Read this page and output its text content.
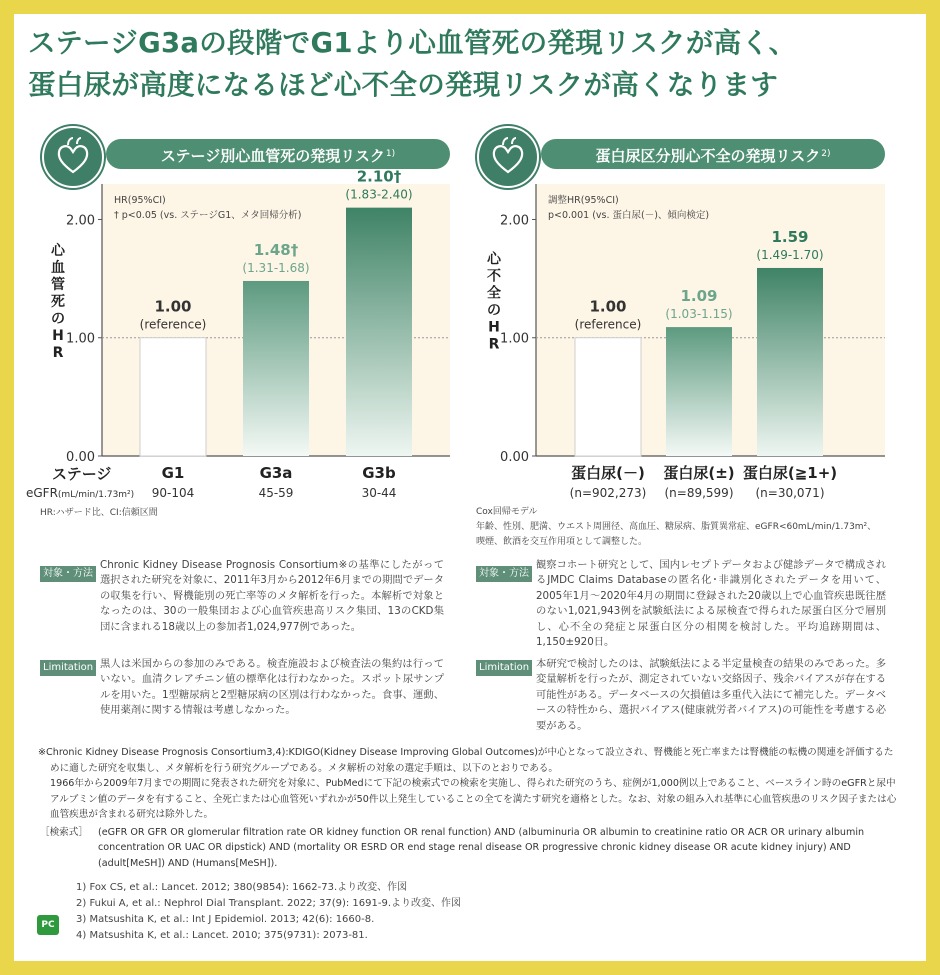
ステージG3aの段階でG1より心血管死の発現リスクが高く、
蛋白尿が高度になるほど心不全の発現リスクが高くなります
ステージ別心血管死の発現リスク$^{1)}$	蛋白尿区分別心不全の発現リスク$^{2)}$
0.00
1.00
2.00
心血管死の H R
1.00
(reference)
G1
90-104
1.48†
(1.31-1.68)
G3a
45-59
2.10†
(1.83-2.40)
G3b
30-44
0.00
1.00
2.00
心不全の H R
1.00
(reference)
蛋白尿(－)
(n=902,273)
1.09
(1.03-1.15)
蛋白尿(±)
(n=89,599)
1.59
(1.49-1.70)
蛋白尿(≧1+)
(n=30,071)
HR(95%CI)
† p<0.05 (vs. ステージG1、メタ回帰分析)
調整HR(95%CI)
p<0.001 (vs. 蛋白尿(－)、傾向検定)
ステージ
eGFR(mL/min/1.73m²)
HR:ハザード比、CI:信頼区間	Cox回帰モデル
年齢、性別、肥満、ウエスト周囲径、高血圧、糖尿病、脂質異常症、eGFR<60mL/min/1.73m²、
喫煙、飲酒を交互作用項として調整した。
対象・方法
Chronic Kidney Disease Prognosis Consortium※の基準にしたがって選択された研究を対象に、2011年3月から2012年6月までの期間でデータの収集を行い、腎機能別の死亡率等のメタ解析を行った。本解析で対象となったのは、30の一般集団および心血管疾患高リスク集団、13のCKD集団に含まれる18歳以上の参加者1,024,977例であった。
Limitation 黒人は米国からの参加のみである。検査施設および検査法の集約は行っていない。血清クレアチニン値の標準化は行わなかった。スポット尿サンプルを用いた。1型糖尿病と2型糖尿病の区別は行わなかった。食事、運動、使用薬剤に関する情報は考慮しなかった。
対象・方法
観察コホート研究として、国内レセプトデータおよび健診データで構成されるJMDC Claims Databaseの匿名化･非識別化されたデータを用いて、2005年1月～2020年4月の期間に登録された20歳以上で心血管疾患既往歴のない1,021,943例を試験紙法による尿検査で得られた尿蛋白区分で層別し、心不全の発症と尿蛋白区分の相関を検討した。平均追跡期間は、1,150±920日。
Limitation 本研究で検討したのは、試験紙法による半定量検査の結果のみであった。多変量解析を行ったが、測定されていない交絡因子、残余バイアスが存在する可能性がある。データベースの欠損値は多重代入法にて補完した。データベースの特性から、選択バイアス(健康就労者バイアス)の可能性を考慮する必要がある。
※Chronic Kidney Disease Prognosis Consortium3,4):KDIGO(Kidney Disease Improving Global Outcomes)が中心となって設立され、腎機能と死亡率または腎機能の転機の関連を評価するために適した研究を収集し、メタ解析を行う研究グループである。メタ解析の対象の選定手順は、以下のとおりである。
1966年から2009年7月までの期間に発表された研究を対象に、PubMedにて下記の検索式での検索を実施し、得られた研究のうち、症例が1,000例以上であること、ベースライン時のeGFRと尿中アルブミン値のデータを有すること、全死亡または心血管死いずれかが50件以上発生していることの全てを満たす研究を適格とした。なお、対象の組み入れ基準に心血管疾患のリスク因子または心血管疾患が含まれる研究は除外した。
［検索式］	(eGFR OR GFR OR glomerular filtration rate OR kidney function OR renal function) AND (albuminuria OR albumin to creatinine ratio OR ACR OR urinary albumin concentration OR UAC OR dipstick) AND (mortality OR ESRD OR end stage renal disease OR progressive chronic kidney disease OR acute kidney injury) AND (adult[MeSH]) AND (Humans[MeSH]).
1) Fox CS, et al.: Lancet. 2012; 380(9854): 1662-73.より改変、作図
2) Fukui A, et al.: Nephrol Dial Transplant. 2022; 37(9): 1691-9.より改変、作図
3) Matsushita K, et al.: Int J Epidemiol. 2013; 42(6): 1660-8.
4) Matsushita K, et al.: Lancet. 2010; 375(9731): 2073-81.
PC
